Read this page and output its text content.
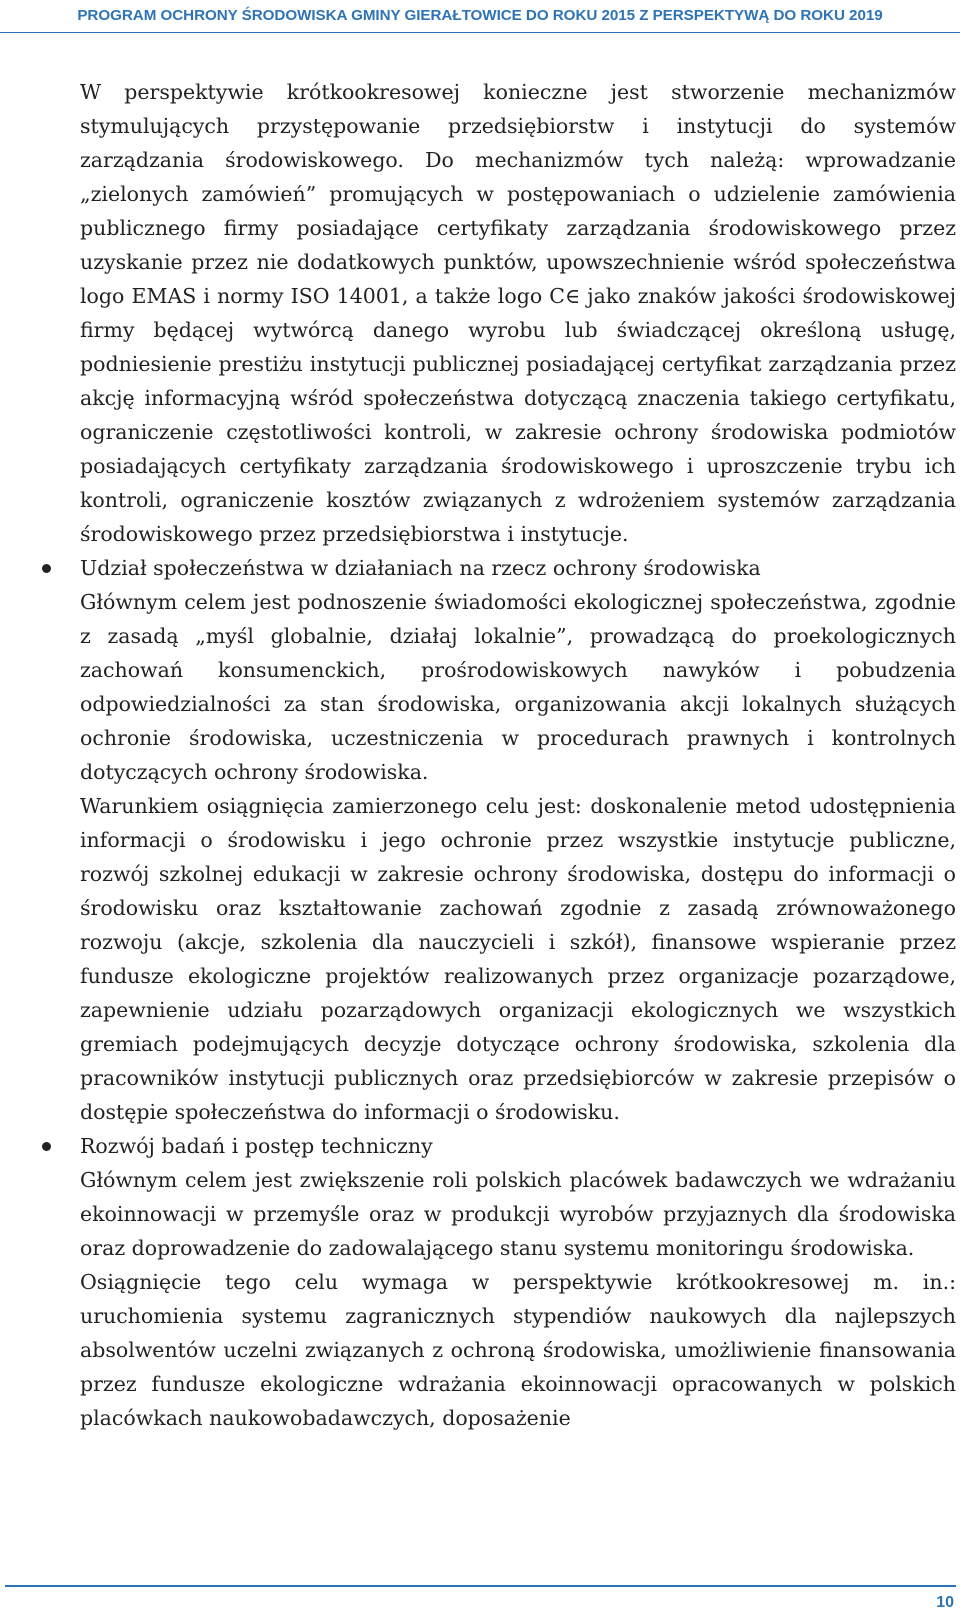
PROGRAM OCHRONY ŚRODOWISKA GMINY GIERAŁTOWICE DO ROKU 2015 Z PERSPEKTYWĄ DO ROKU 2019

W perspektywie krótkookresowej konieczne jest stworzenie mechanizmów stymulujących przystępowanie przedsiębiorstw i instytucji do systemów zarządzania środowiskowego. Do mechanizmów tych należą: wprowadzanie „zielonych zamówień” promujących w postępowaniach o udzielenie zamówienia publicznego firmy posiadające certyfikaty zarządzania środowiskowego przez uzyskanie przez nie dodatkowych punktów, upowszechnienie wśród społeczeństwa logo EMAS i normy ISO 14001, a także logo C∈ jako znaków jakości środowiskowej firmy będącej wytwórcą danego wyrobu lub świadczącej określoną usługę, podniesienie prestiżu instytucji publicznej posiadającej certyfikat zarządzania przez akcję informacyjną wśród społeczeństwa dotyczącą znaczenia takiego certyfikatu, ograniczenie częstotliwości kontroli, w zakresie ochrony środowiska podmiotów posiadających certyfikaty zarządzania środowiskowego i uproszczenie trybu ich kontroli, ograniczenie kosztów związanych z wdrożeniem systemów zarządzania środowiskowego przez przedsiębiorstwa i instytucje.

Udział społeczeństwa w działaniach na rzecz ochrony środowiska

Głównym celem jest podnoszenie świadomości ekologicznej społeczeństwa, zgodnie z zasadą „myśl globalnie, działaj lokalnie”, prowadzącą do proekologicznych zachowań konsumenckich, prośrodowiskowych nawyków i pobudzenia odpowiedzialności za stan środowiska, organizowania akcji lokalnych służących ochronie środowiska, uczestniczenia w procedurach prawnych i kontrolnych dotyczących ochrony środowiska.

Warunkiem osiągnięcia zamierzonego celu jest: doskonalenie metod udostępnienia informacji o środowisku i jego ochronie przez wszystkie instytucje publiczne, rozwój szkolnej edukacji w zakresie ochrony środowiska, dostępu do informacji o środowisku oraz kształtowanie zachowań zgodnie z zasadą zrównoważonego rozwoju (akcje, szkolenia dla nauczycieli i szkół), finansowe wspieranie przez fundusze ekologiczne projektów realizowanych przez organizacje pozarządowe, zapewnienie udziału pozarządowych organizacji ekologicznych we wszystkich gremiach podejmujących decyzje dotyczące ochrony środowiska, szkolenia dla pracowników instytucji publicznych oraz przedsiębiorców w zakresie przepisów o dostępie społeczeństwa do informacji o środowisku.

Rozwój badań i postęp techniczny

Głównym celem jest zwiększenie roli polskich placówek badawczych we wdrażaniu ekoinnowacji w przemyśle oraz w produkcji wyrobów przyjaznych dla środowiska oraz doprowadzenie do zadowalającego stanu systemu monitoringu środowiska.

Osiągnięcie tego celu wymaga w perspektywie krótkookresowej m. in.: uruchomienia systemu zagranicznych stypendiów naukowych dla najlepszych absolwentów uczelni związanych z ochroną środowiska, umożliwienie finansowania przez fundusze ekologiczne wdrażania ekoinnowacji opracowanych w polskich placówkach naukowobadawczych, doposażenie

10
